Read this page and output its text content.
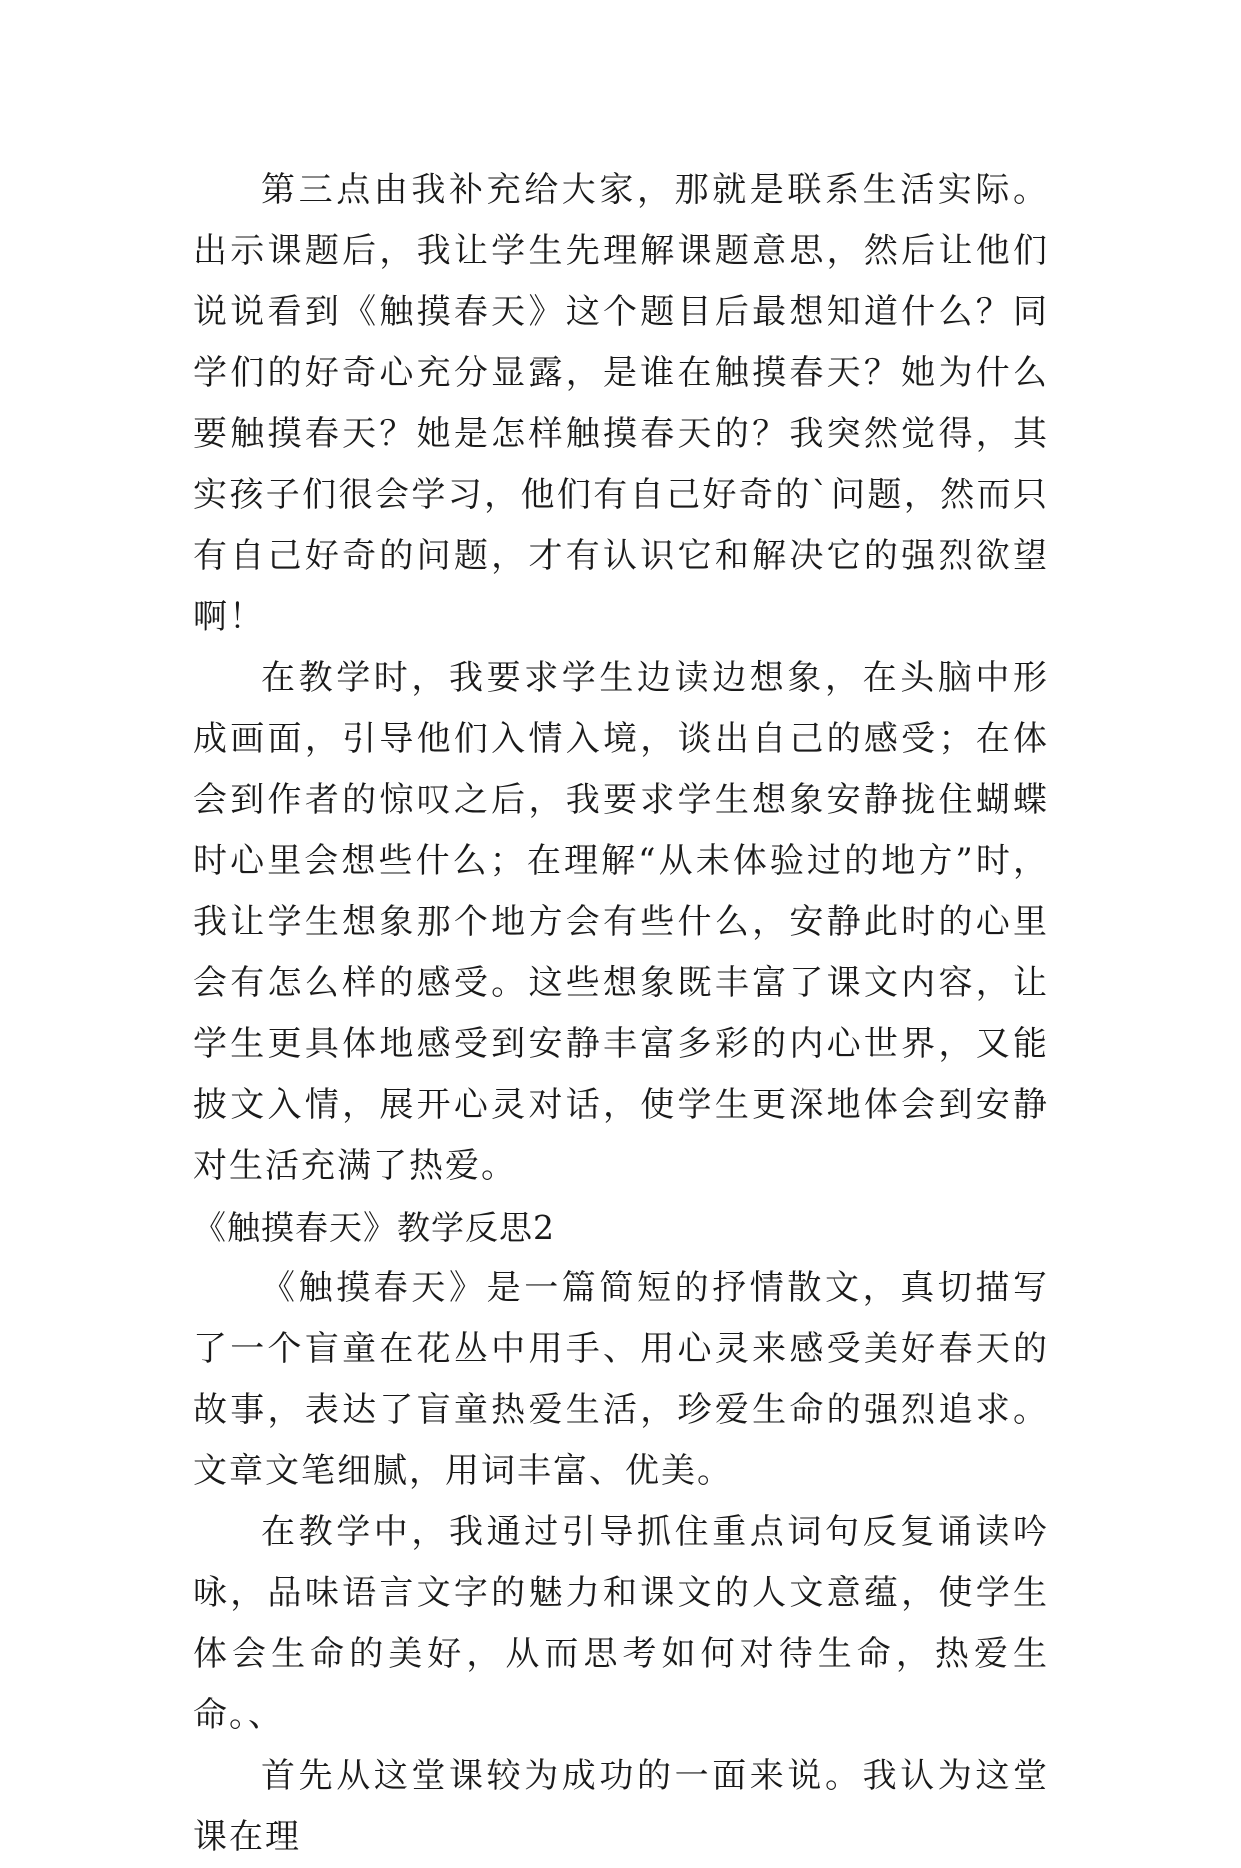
第三点由我补充给大家，那就是联系生活实际。出示课题后，我让学生先理解课题意思，然后让他们说说看到《触摸春天》这个题目后最想知道什么？同学们的好奇心充分显露，是谁在触摸春天？她为什么要触摸春天？她是怎样触摸春天的？我突然觉得，其实孩子们很会学习，他们有自己好奇的`问题，然而只有自己好奇的问题，才有认识它和解决它的强烈欲望啊！

在教学时，我要求学生边读边想象，在头脑中形成画面，引导他们入情入境，谈出自己的感受；在体会到作者的惊叹之后，我要求学生想象安静拢住蝴蝶时心里会想些什么；在理解“从未体验过的地方”时，我让学生想象那个地方会有些什么，安静此时的心里会有怎么样的感受。这些想象既丰富了课文内容，让学生更具体地感受到安静丰富多彩的内心世界，又能披文入情，展开心灵对话，使学生更深地体会到安静对生活充满了热爱。

《触摸春天》教学反思2

《触摸春天》是一篇简短的抒情散文，真切描写了一个盲童在花丛中用手、用心灵来感受美好春天的故事，表达了盲童热爱生活，珍爱生命的强烈追求。文章文笔细腻，用词丰富、优美。

在教学中，我通过引导抓住重点词句反复诵读吟咏，品味语言文字的魅力和课文的人文意蕴，使学生体会生命的美好，从而思考如何对待生命，热爱生命。、

首先从这堂课较为成功的一面来说。我认为这堂课在理
